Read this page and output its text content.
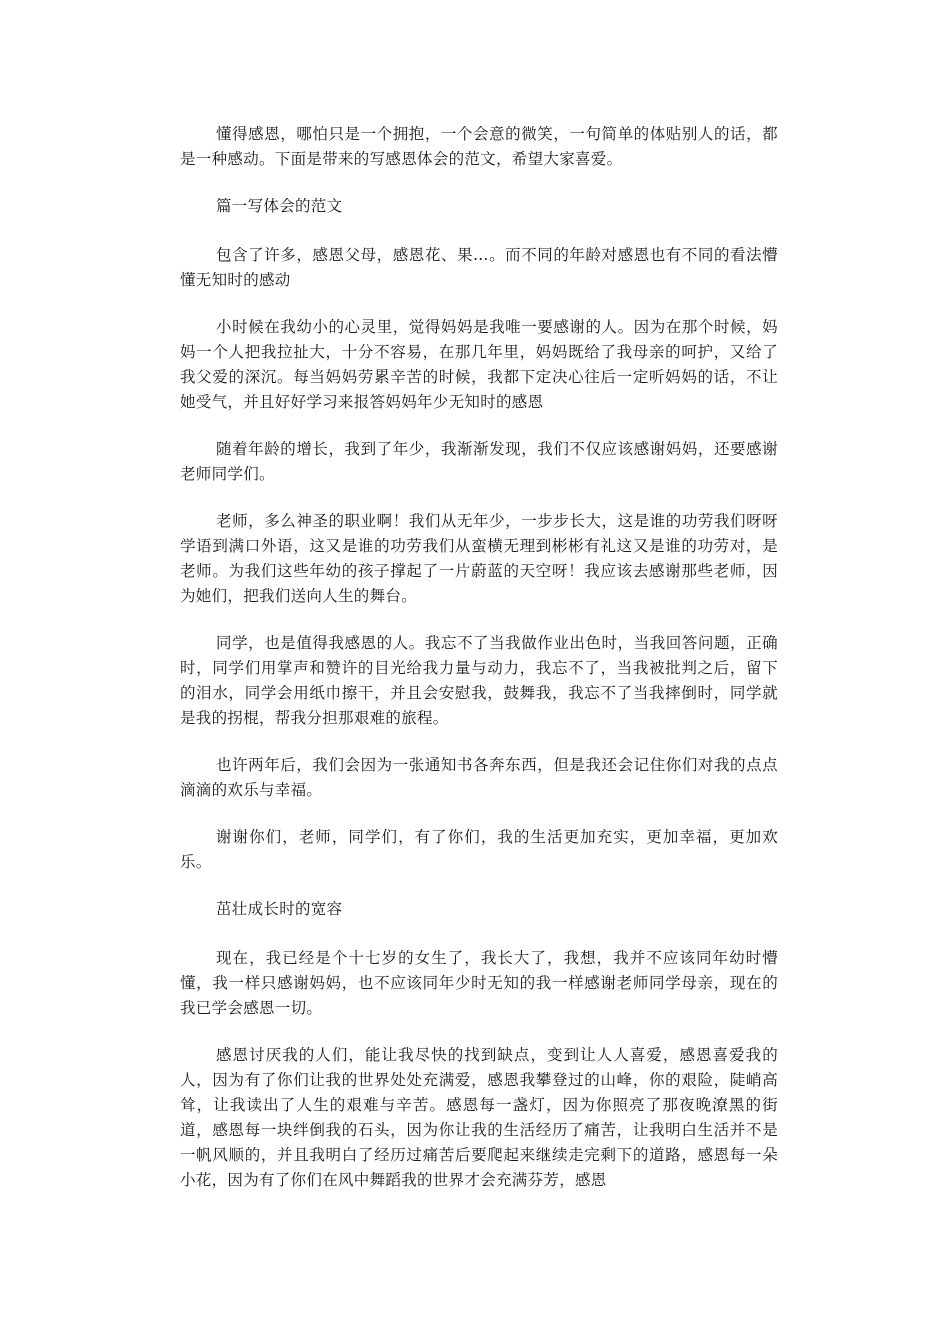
懂得感恩，哪怕只是一个拥抱，一个会意的微笑，一句简单的体贴别人的话，都是一种感动。下面是带来的写感恩体会的范文，希望大家喜爱。

篇一写体会的范文

包含了许多，感恩父母，感恩花、果…。而不同的年龄对感恩也有不同的看法懵懂无知时的感动

小时候在我幼小的心灵里，觉得妈妈是我唯一要感谢的人。因为在那个时候，妈妈一个人把我拉扯大，十分不容易，在那几年里，妈妈既给了我母亲的呵护，又给了我父爱的深沉。每当妈妈劳累辛苦的时候，我都下定决心往后一定听妈妈的话，不让她受气，并且好好学习来报答妈妈年少无知时的感恩

随着年龄的增长，我到了年少，我渐渐发现，我们不仅应该感谢妈妈，还要感谢老师同学们。

老师，多么神圣的职业啊！我们从无年少，一步步长大，这是谁的功劳我们呀呀学语到满口外语，这又是谁的功劳我们从蛮横无理到彬彬有礼这又是谁的功劳对，是老师。为我们这些年幼的孩子撑起了一片蔚蓝的天空呀！我应该去感谢那些老师，因为她们，把我们送向人生的舞台。

同学，也是值得我感恩的人。我忘不了当我做作业出色时，当我回答问题，正确时，同学们用掌声和赞许的目光给我力量与动力，我忘不了，当我被批判之后，留下的泪水，同学会用纸巾擦干，并且会安慰我，鼓舞我，我忘不了当我摔倒时，同学就是我的拐棍，帮我分担那艰难的旅程。

也许两年后，我们会因为一张通知书各奔东西，但是我还会记住你们对我的点点滴滴的欢乐与幸福。

谢谢你们，老师，同学们，有了你们，我的生活更加充实，更加幸福，更加欢乐。

茁壮成长时的宽容

现在，我已经是个十七岁的女生了，我长大了，我想，我并不应该同年幼时懵懂，我一样只感谢妈妈，也不应该同年少时无知的我一样感谢老师同学母亲，现在的我已学会感恩一切。

感恩讨厌我的人们，能让我尽快的找到缺点，变到让人人喜爱，感恩喜爱我的人，因为有了你们让我的世界处处充满爱，感恩我攀登过的山峰，你的艰险，陡峭高耸，让我读出了人生的艰难与辛苦。感恩每一盏灯，因为你照亮了那夜晚潦黑的街道，感恩每一块绊倒我的石头，因为你让我的生活经历了痛苦，让我明白生活并不是一帆风顺的，并且我明白了经历过痛苦后要爬起来继续走完剩下的道路，感恩每一朵小花，因为有了你们在风中舞蹈我的世界才会充满芬芳，感恩
